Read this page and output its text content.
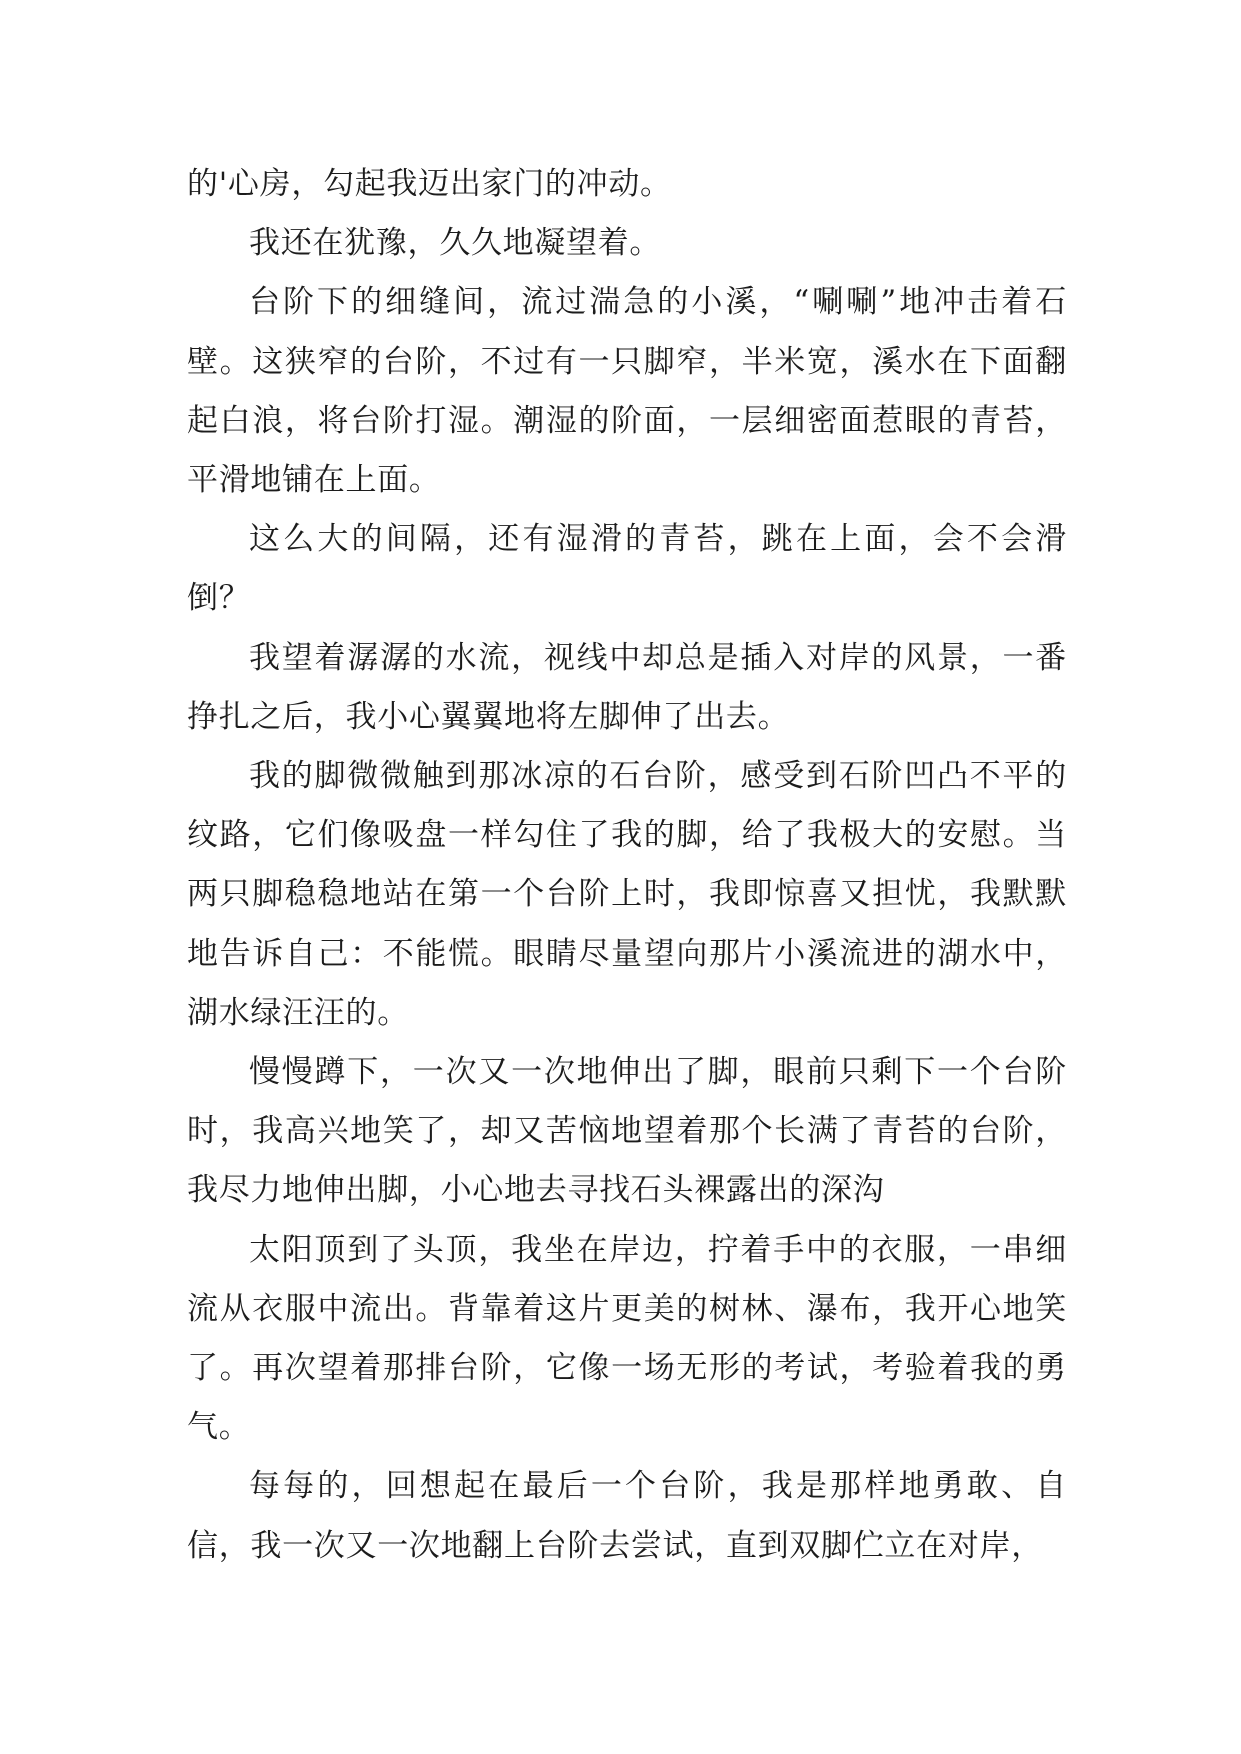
的'心房，勾起我迈出家门的冲动。

我还在犹豫，久久地凝望着。

台阶下的细缝间，流过湍急的小溪，“唰唰”地冲击着石壁。这狭窄的台阶，不过有一只脚窄，半米宽，溪水在下面翻起白浪，将台阶打湿。潮湿的阶面，一层细密面惹眼的青苔，平滑地铺在上面。

这么大的间隔，还有湿滑的青苔，跳在上面，会不会滑倒？

我望着潺潺的水流，视线中却总是插入对岸的风景，一番挣扎之后，我小心翼翼地将左脚伸了出去。

我的脚微微触到那冰凉的石台阶，感受到石阶凹凸不平的纹路，它们像吸盘一样勾住了我的脚，给了我极大的安慰。当两只脚稳稳地站在第一个台阶上时，我即惊喜又担忧，我默默地告诉自己：不能慌。眼睛尽量望向那片小溪流进的湖水中，湖水绿汪汪的。

慢慢蹲下，一次又一次地伸出了脚，眼前只剩下一个台阶时，我高兴地笑了，却又苦恼地望着那个长满了青苔的台阶，我尽力地伸出脚，小心地去寻找石头裸露出的深沟

太阳顶到了头顶，我坐在岸边，拧着手中的衣服，一串细流从衣服中流出。背靠着这片更美的树林、瀑布，我开心地笑了。再次望着那排台阶，它像一场无形的考试，考验着我的勇气。

每每的，回想起在最后一个台阶，我是那样地勇敢、自信，我一次又一次地翻上台阶去尝试，直到双脚伫立在对岸，
